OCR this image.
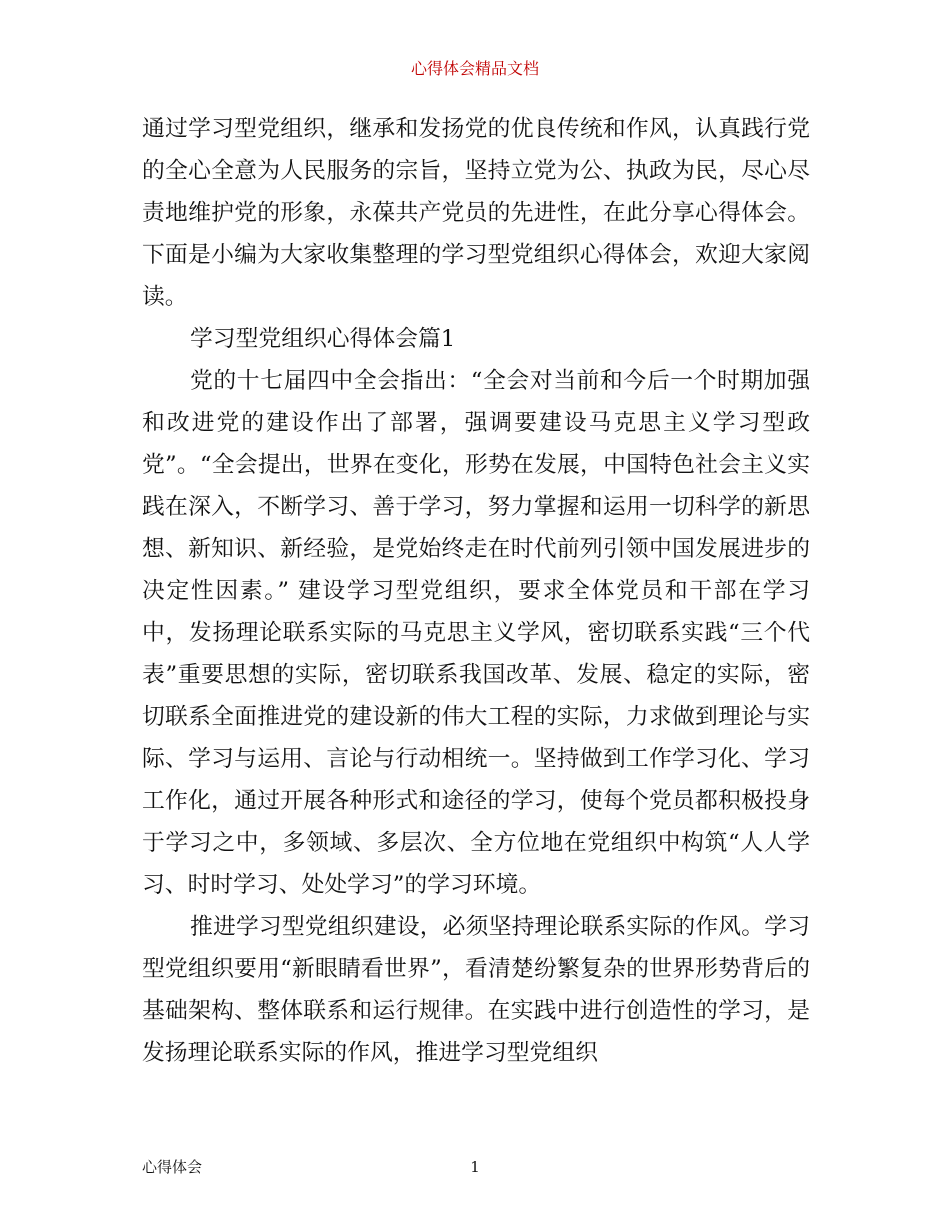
心得体会精品文档

通过学习型党组织，继承和发扬党的优良传统和作风，认真践行党的全心全意为人民服务的宗旨，坚持立党为公、执政为民，尽心尽责地维护党的形象，永葆共产党员的先进性，在此分享心得体会。下面是小编为大家收集整理的学习型党组织心得体会，欢迎大家阅读。

学习型党组织心得体会篇1

党的十七届四中全会指出：“全会对当前和今后一个时期加强和改进党的建设作出了部署，强调要建设马克思主义学习型政党”。“全会提出，世界在变化，形势在发展，中国特色社会主义实践在深入，不断学习、善于学习，努力掌握和运用一切科学的新思想、新知识、新经验，是党始终走在时代前列引领中国发展进步的决定性因素。” 建设学习型党组织，要求全体党员和干部在学习中，发扬理论联系实际的马克思主义学风，密切联系实践“三个代表”重要思想的实际，密切联系我国改革、发展、稳定的实际，密切联系全面推进党的建设新的伟大工程的实际，力求做到理论与实际、学习与运用、言论与行动相统一。坚持做到工作学习化、学习工作化，通过开展各种形式和途径的学习，使每个党员都积极投身于学习之中，多领域、多层次、全方位地在党组织中构筑“人人学习、时时学习、处处学习”的学习环境。

推进学习型党组织建设，必须坚持理论联系实际的作风。学习型党组织要用“新眼睛看世界”，看清楚纷繁复杂的世界形势背后的基础架构、整体联系和运行规律。在实践中进行创造性的学习，是发扬理论联系实际的作风，推进学习型党组织

心得体会	1
